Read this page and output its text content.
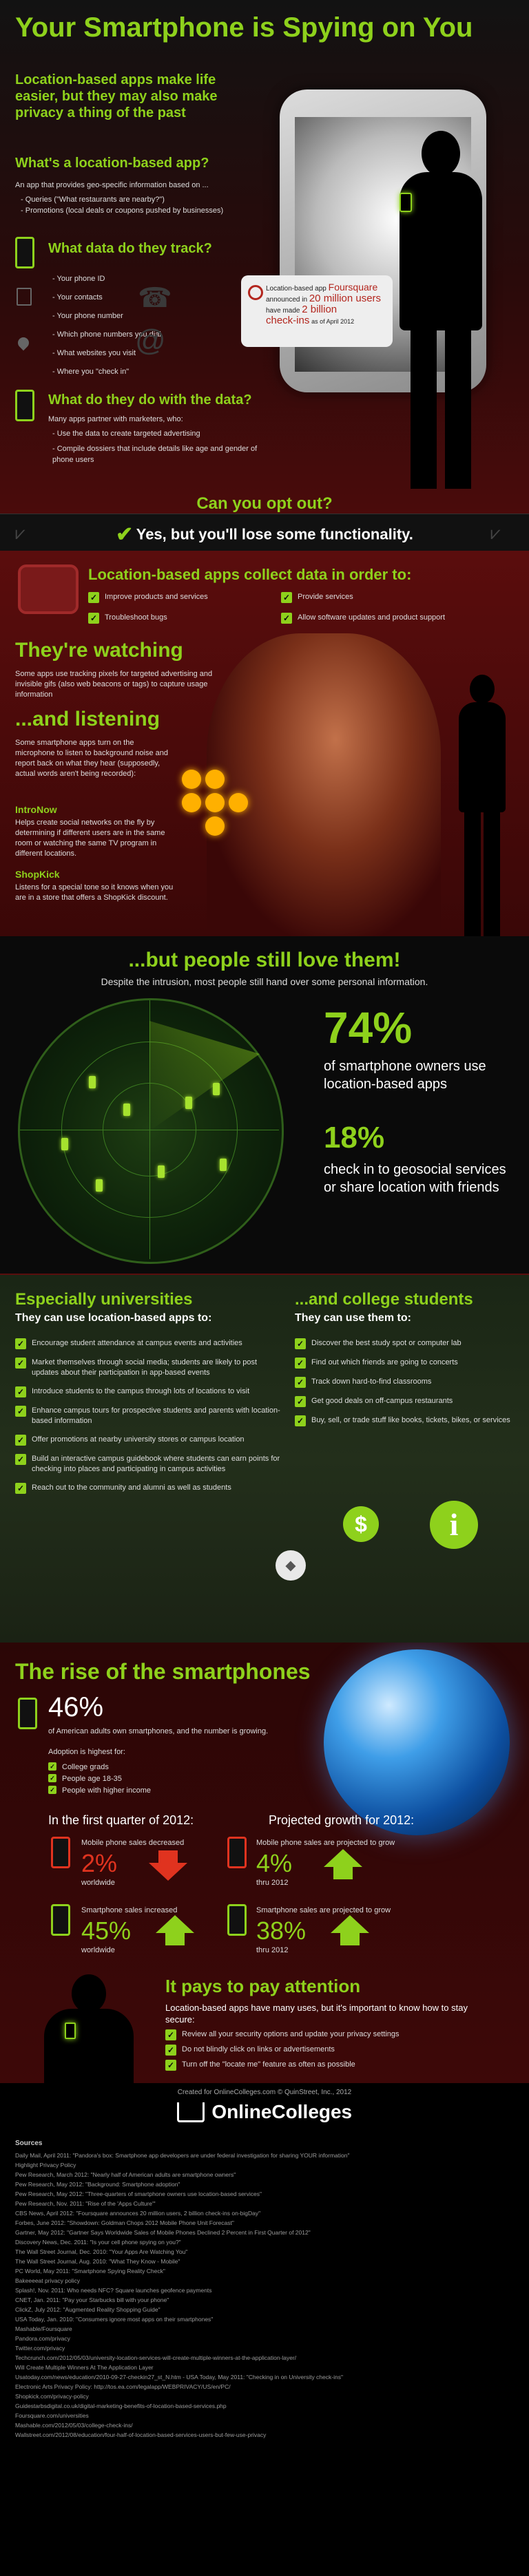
Your Smartphone is Spying on You
Location-based apps make life easier, but they may also make privacy a thing of the past
What's a location-based app?
An app that provides geo-specific information based on ...
- Queries ("What restaurants are nearby?")
- Promotions (local deals or coupons pushed by businesses)
What data do they track?
- Your phone ID
- Your contacts
- Your phone number
- Which phone numbers you dial
- What websites you visit
- Where you "check in"
☎
@
Location-based app Foursquare
announced in 20 million users
have made 2 billion
check-ins as of April 2012
What do they do with the data?
Many apps partner with marketers, who:
- Use the data to create targeted advertising
- Compile dossiers that include details like age and gender of phone users
Can you opt out?
⩗	⩗
✔ Yes, but you'll lose some functionality.
Location-based apps collect data in order to:
✓ Improve products and services	✓ Provide services
✓ Troubleshoot bugs	✓ Allow software updates and product support
They're watching
Some apps use tracking pixels for targeted advertising and invisible gifs (also web beacons or tags) to capture usage information
...and listening
Some smartphone apps turn on the microphone to listen to background noise and report back on what they hear (supposedly, actual words aren't being recorded):
IntroNow
Helps create social networks on the fly by determining if different users are in the same room or watching the same TV program in different locations.
ShopKick
Listens for a special tone so it knows when you are in a store that offers a ShopKick discount.
...but people still love them!
Despite the intrusion, most people still hand over some personal information.
74%
of smartphone owners use location-based apps
18%
check in to geosocial services or share location with friends
Especially universities
They can use location-based apps to:
✓ Encourage student attendance at campus events and activities
✓ Market themselves through social media; students are likely to post updates about their participation in app-based events
✓ Introduce students to the campus through lots of locations to visit
✓ Enhance campus tours for prospective students and parents with location-based information
✓ Offer promotions at nearby university stores or campus location
✓ Build an interactive campus guidebook where students can earn points for checking into places and participating in campus activities
✓ Reach out to the community and alumni as well as students
...and college students
They can use them to:
✓ Discover the best study spot or computer lab
✓ Find out which friends are going to concerts
✓ Track down hard-to-find classrooms
✓ Get good deals on off-campus restaurants
✓ Buy, sell, or trade stuff like books, tickets, bikes, or services
$
⬥
i
The rise of the smartphones
46%
of American adults own smartphones, and the number is growing.
Adoption is highest for:
✓ College grads
✓ People age 18-35
✓ People with higher income
In the first quarter of 2012:	Projected growth for 2012:
Mobile phone sales decreased
2%
worldwide
Smartphone sales increased
45%
worldwide
Mobile phone sales are projected to grow
4%
thru 2012
Smartphone sales are projected to grow
38%
thru 2012
It pays to pay attention
Location-based apps have many uses, but it's important to know how to stay secure:
✓ Review all your security options and update your privacy settings
✓ Do not blindly click on links or advertisements
✓ Turn off the "locate me" feature as often as possible
Created for OnlineColleges.com © QuinStreet, Inc., 2012
OnlineColleges
Sources
Daily Mail, April 2011: "Pandora's box: Smartphone app developers are under federal investigation for sharing YOUR information"
Highlight Privacy Policy
Pew Research, March 2012: "Nearly half of American adults are smartphone owners"
Pew Research, May 2012: "Background: Smartphone adoption"
Pew Research, May 2012: "Three-quarters of smartphone owners use location-based services"
Pew Research, Nov. 2011: "Rise of the 'Apps Culture'"
CBS News, April 2012: "Foursquare announces 20 million users, 2 billion check-ins on-bigDay"
Forbes, June 2012: "Showdown: Goldman Chops 2012 Mobile Phone Unit Forecast"
Gartner, May 2012: "Gartner Says Worldwide Sales of Mobile Phones Declined 2 Percent in First Quarter of 2012"
Discovery News, Dec. 2011: "Is your cell phone spying on you?"
The Wall Street Journal, Dec. 2010: "Your Apps Are Watching You"
The Wall Street Journal, Aug. 2010: "What They Know - Mobile"
PC World, May 2011: "Smartphone Spying Reality Check"
Bakeeeeat privacy policy
Splash!, Nov. 2011: Who needs NFC? Square launches geofence payments
CNET, Jan. 2011: "Pay your Starbucks bill with your phone"
ClickZ, July 2012: "Augmented Reality Shopping Guide"
USA Today, Jan. 2010: "Consumers ignore most apps on their smartphones"
Mashable/Foursquare
Pandora.com/privacy
Twitter.com/privacy
Techcrunch.com/2012/05/03/university-location-services-will-create-multiple-winners-at-the-application-layer/
Will Create Multiple Winners At The Application Layer
Usatoday.com/news/education/2010-09-27-checkin27_st_N.htm - USA Today, May 2011: "Checking in on University check-ins"
Electronic Arts Privacy Policy: http://tos.ea.com/legalapp/WEBPRIVACY/US/en/PC/
Shopkick.com/privacy-policy
Guidestarbsdigital.co.uk/digital-marketing-benefits-of-location-based-services.php
Foursquare.com/universities
Mashable.com/2012/05/03/college-check-ins/
Wallstreet.com/2012/08/education/four-half-of-location-based-services-users-but-few-use-privacy
